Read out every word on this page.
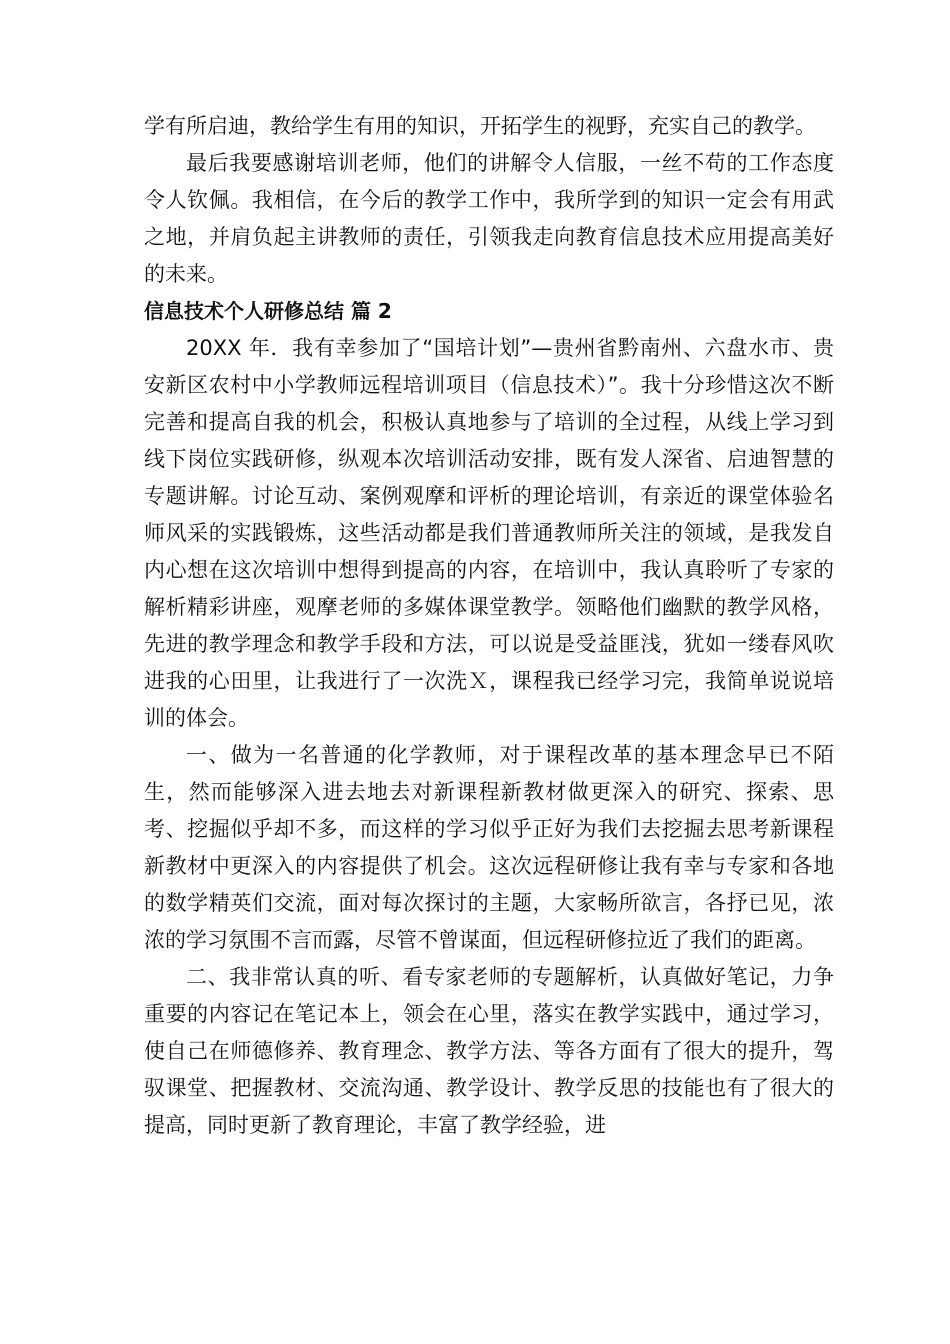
学有所启迪，教给学生有用的知识，开拓学生的视野，充实自己的教学。

最后我要感谢培训老师，他们的讲解令人信服，一丝不苟的工作态度令人钦佩。我相信，在今后的教学工作中，我所学到的知识一定会有用武之地，并肩负起主讲教师的责任，引领我走向教育信息技术应用提高美好的未来。

信息技术个人研修总结 篇 2

20XX 年．我有幸参加了“国培计划”—贵州省黔南州、六盘水市、贵安新区农村中小学教师远程培训项目（信息技术）”。我十分珍惜这次不断完善和提高自我的机会，积极认真地参与了培训的全过程，从线上学习到线下岗位实践研修，纵观本次培训活动安排，既有发人深省、启迪智慧的专题讲解。讨论互动、案例观摩和评析的理论培训，有亲近的课堂体验名师风采的实践锻炼，这些活动都是我们普通教师所关注的领域，是我发自内心想在这次培训中想得到提高的内容，在培训中，我认真聆听了专家的解析精彩讲座，观摩老师的多媒体课堂教学。领略他们幽默的教学风格，先进的教学理念和教学手段和方法，可以说是受益匪浅，犹如一缕春风吹进我的心田里，让我进行了一次洗Ｘ，课程我已经学习完，我简单说说培训的体会。

一、做为一名普通的化学教师，对于课程改革的基本理念早已不陌生，然而能够深入进去地去对新课程新教材做更深入的研究、探索、思考、挖掘似乎却不多，而这样的学习似乎正好为我们去挖掘去思考新课程新教材中更深入的内容提供了机会。这次远程研修让我有幸与专家和各地的数学精英们交流，面对每次探讨的主题，大家畅所欲言，各抒已见，浓浓的学习氛围不言而露，尽管不曾谋面，但远程研修拉近了我们的距离。

二、我非常认真的听、看专家老师的专题解析，认真做好笔记，力争重要的内容记在笔记本上，领会在心里，落实在教学实践中，通过学习，使自己在师德修养、教育理念、教学方法、等各方面有了很大的提升，驾驭课堂、把握教材、交流沟通、教学设计、教学反思的技能也有了很大的提高，同时更新了教育理论，丰富了教学经验，进
